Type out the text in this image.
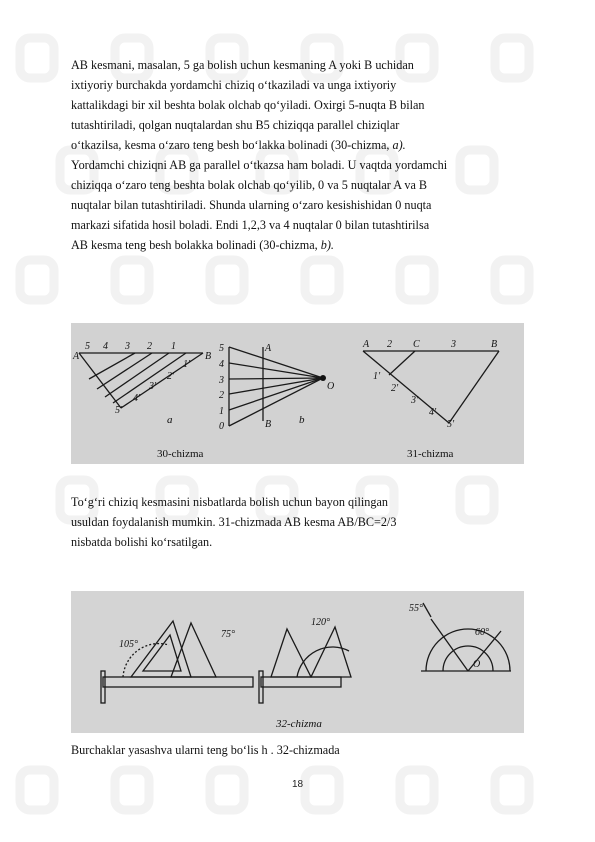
AB kesmani, masalan, 5 ga bolish uchun kesmaning A yoki B uchidan
ixtiyoriy burchakda yordamchi chiziq o‘tkaziladi va unga ixtiyoriy
kattalikdagi bir xil beshta bolak olchab qo‘yiladi. Oxirgi 5-nuqta B bilan
tutashtiriladi, qolgan nuqtalardan shu B5 chiziqqa parallel chiziqlar
o‘tkazilsa, kesma o‘zaro teng besh bo‘lakka bolinadi (30-chizma, a).
Yordamchi chiziqni AB ga parallel o‘tkazsa ham boladi. U vaqtda yordamchi
chiziqqa o‘zaro teng beshta bolak olchab qo‘yilib, 0 va 5 nuqtalar A va B
nuqtalar bilan tutashtiriladi. Shunda ularning o‘zaro kesishishidan 0 nuqta
markazi sifatida hosil boladi. Endi 1,2,3 va 4 nuqtalar 0 bilan tutashtirilsa
AB kesma teng besh bolakka bolinadi (30-chizma, b).

A	B
5 4 3 2 1
1'
2'
3'
4'
5'
a
5
4
3
2
1
0
A
B
O
b
A 2 C	3	B
1'
2'
3'
4'
5'
30-chizma	31-chizma

To‘g‘ri chiziq kesmasini nisbatlarda bolish uchun bayon qilingan
usuldan foydalanish mumkin. 31-chizmada AB kesma AB/BC=2/3
nisbatda bolishi ko‘rsatilgan.

105°
75°
120°
55°
60°
O
32-chizma

Burchaklar yasashva ularni teng bo‘lis h . 32-chizmada

18
